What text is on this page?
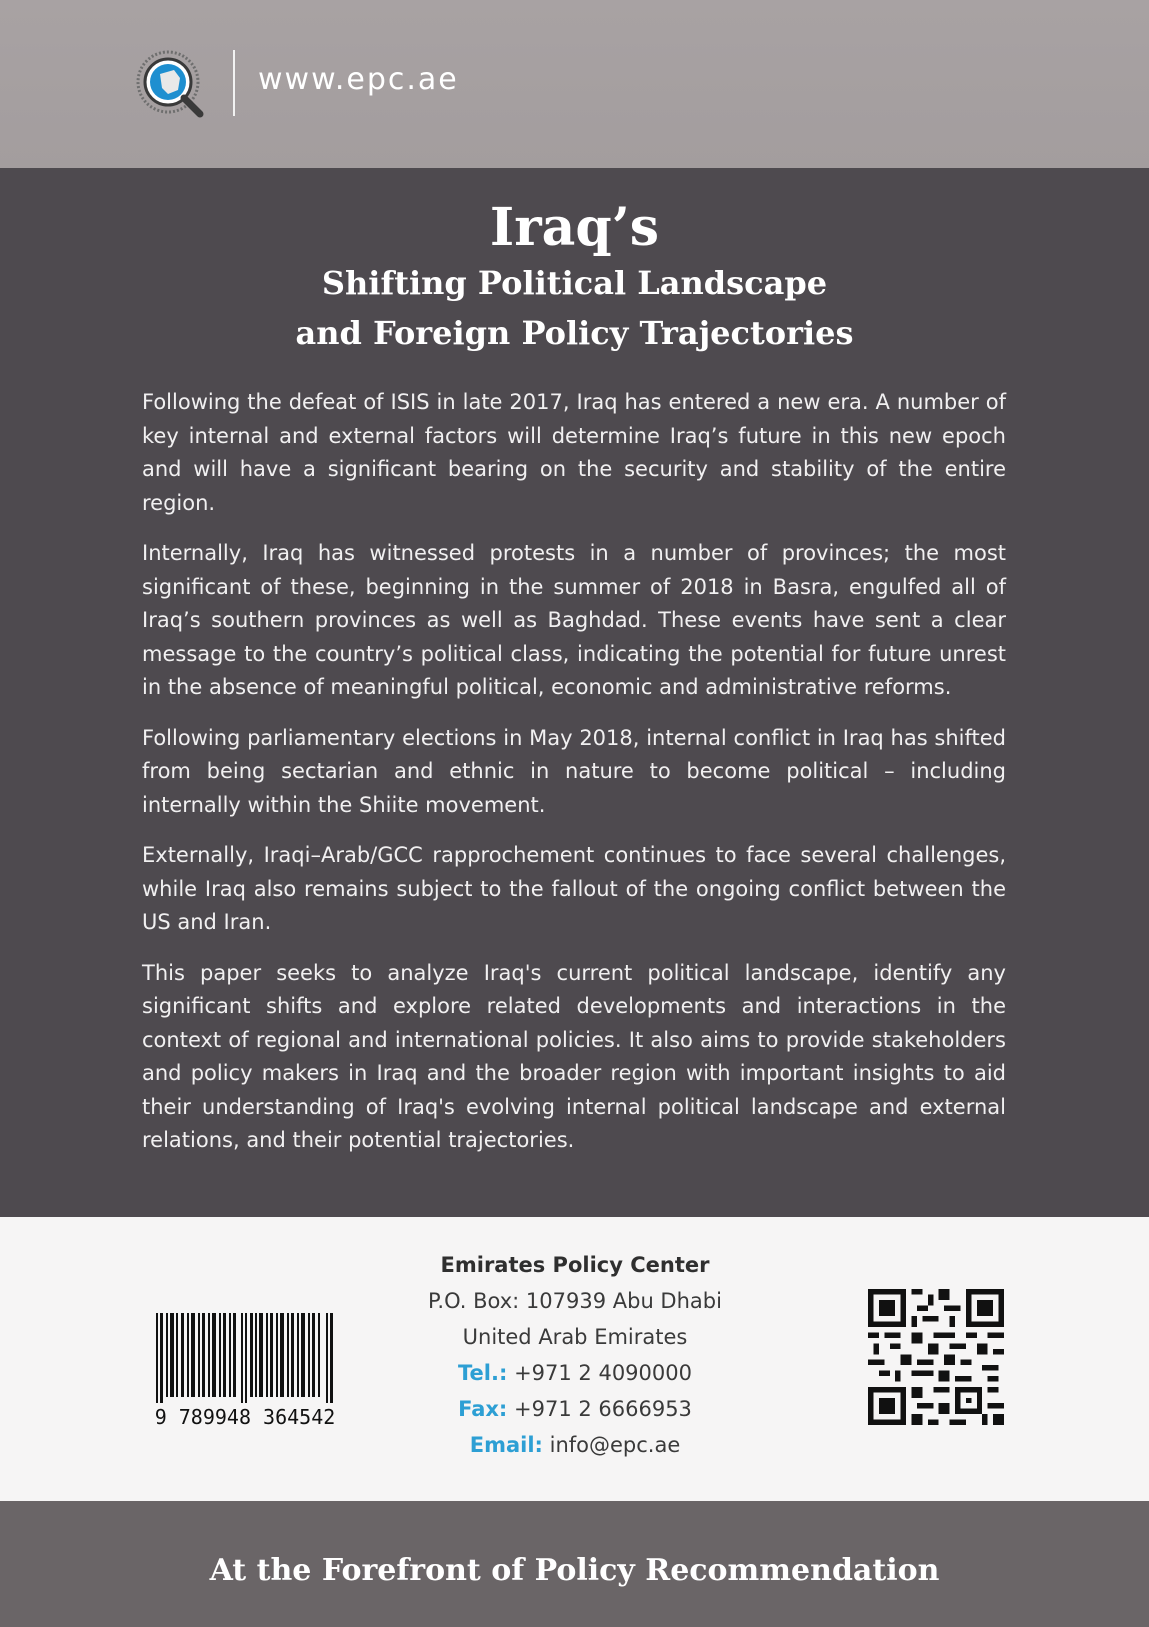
www.epc.ae
Iraq’s
Shifting Political Landscape
and Foreign Policy Trajectories

Following the defeat of ISIS in late 2017, Iraq has entered a new era. A number of key internal and external factors will determine Iraq’s future in this new epoch and will have a significant bearing on the security and stability of the entire region.

Internally, Iraq has witnessed protests in a number of provinces; the most significant of these, beginning in the summer of 2018 in Basra, engulfed all of Iraq’s southern provinces as well as Baghdad. These events have sent a clear message to the country’s political class, indicating the potential for future unrest in the absence of meaningful political, economic and administrative reforms.

Following parliamentary elections in May 2018, internal conflict in Iraq has shifted from being sectarian and ethnic in nature to become political – including internally within the Shiite movement.

Externally, Iraqi–Arab/GCC rapprochement continues to face several challenges, while Iraq also remains subject to the fallout of the ongoing conflict between the US and Iran.

This paper seeks to analyze Iraq's current political landscape, identify any significant shifts and explore related developments and interactions in the context of regional and international policies. It also aims to provide stakeholders and policy makers in Iraq and the broader region with important insights to aid their understanding of Iraq's evolving internal political landscape and external relations, and their potential trajectories.

9 789948 364542
Emirates Policy Center
P.O. Box: 107939 Abu Dhabi
United Arab Emirates
Tel.: +971 2 4090000
Fax: +971 2 6666953
Email: info@epc.ae
At the Forefront of Policy Recommendation
